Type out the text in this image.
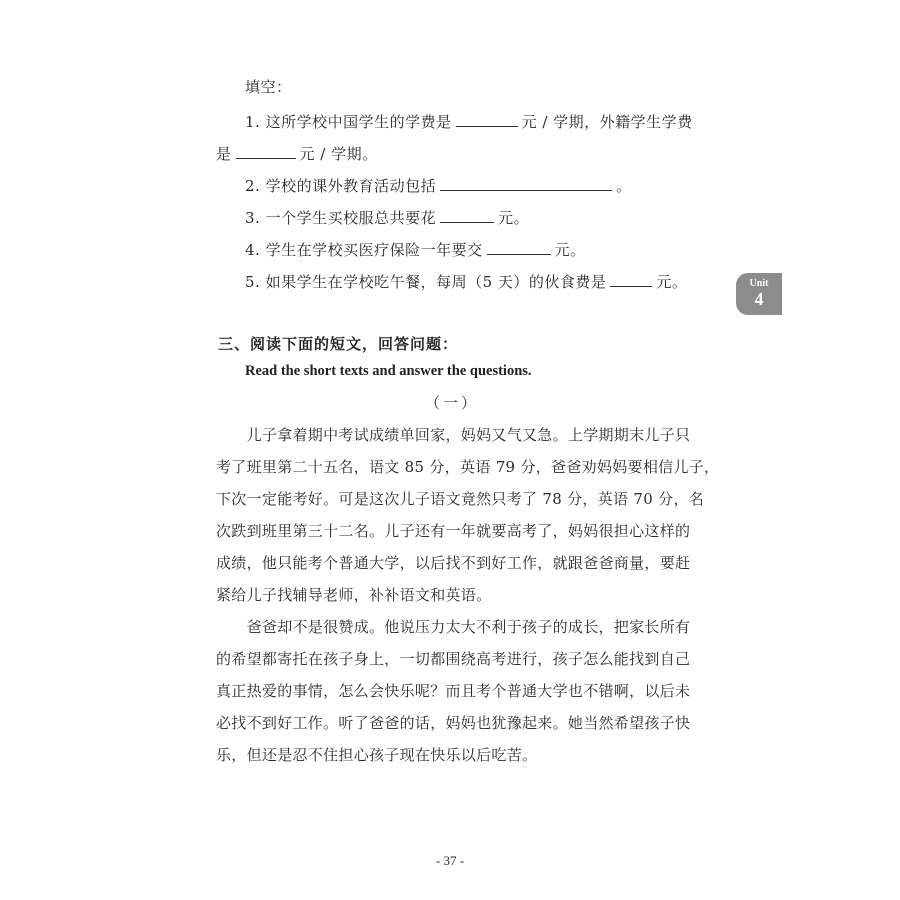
填空：
1. 这所学校中国学生的学费是	元 / 学期，外籍学生学费
是	元 / 学期。
2. 学校的课外教育活动包括	。
3. 一个学生买校服总共要花	元。
4. 学生在学校买医疗保险一年要交	元。
5. 如果学生在学校吃午餐，每周（5 天）的伙食费是	元。	Unit
4
三、阅读下面的短文，回答问题：
Read the short texts and answer the questions.
（一）
　　儿子拿着期中考试成绩单回家，妈妈又气又急。上学期期末儿子只
考了班里第二十五名，语文 85 分，英语 79 分，爸爸劝妈妈要相信儿子，
下次一定能考好。可是这次儿子语文竟然只考了 78 分，英语 70 分，名
次跌到班里第三十二名。儿子还有一年就要高考了，妈妈很担心这样的
成绩，他只能考个普通大学，以后找不到好工作，就跟爸爸商量，要赶
紧给儿子找辅导老师，补补语文和英语。
　　爸爸却不是很赞成。他说压力太大不利于孩子的成长，把家长所有
的希望都寄托在孩子身上，一切都围绕高考进行，孩子怎么能找到自己
真正热爱的事情，怎么会快乐呢？而且考个普通大学也不错啊，以后未
必找不到好工作。听了爸爸的话，妈妈也犹豫起来。她当然希望孩子快
乐，但还是忍不住担心孩子现在快乐以后吃苦。
- 37 -
